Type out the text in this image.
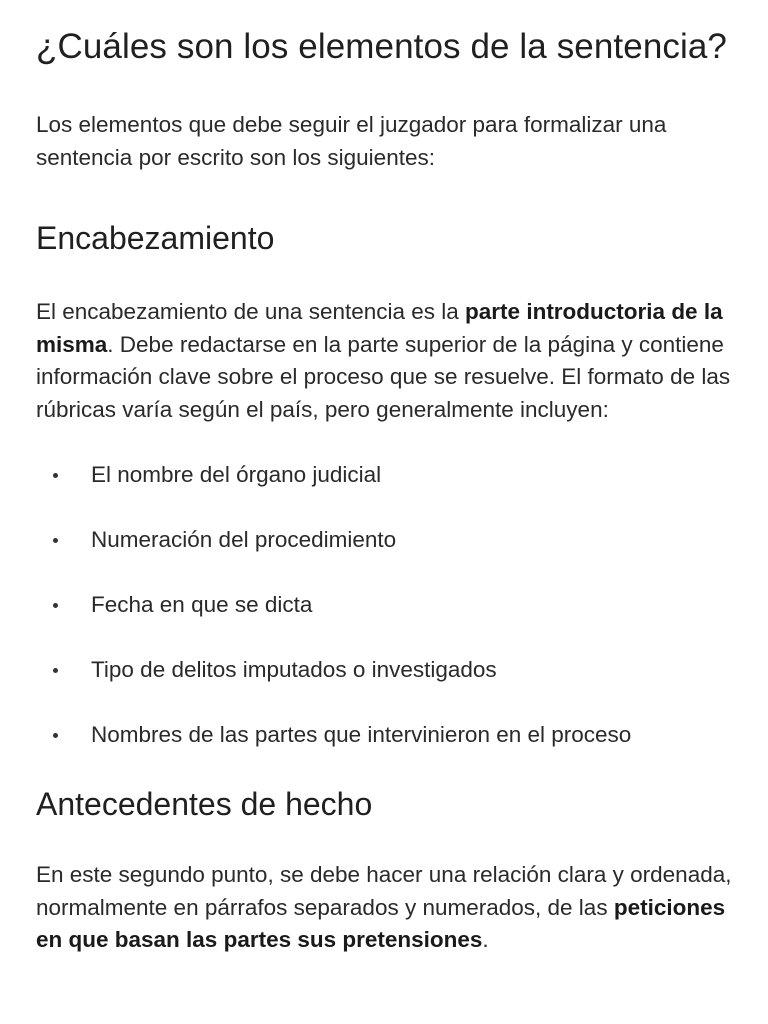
¿Cuáles son los elementos de la sentencia?

Los elementos que debe seguir el juzgador para formalizar una sentencia por escrito son los siguientes:

Encabezamiento

El encabezamiento de una sentencia es la parte introductoria de la misma. Debe redactarse en la parte superior de la página y contiene información clave sobre el proceso que se resuelve. El formato de las rúbricas varía según el país, pero generalmente incluyen:

El nombre del órgano judicial
Numeración del procedimiento
Fecha en que se dicta
Tipo de delitos imputados o investigados
Nombres de las partes que intervinieron en el proceso
Antecedentes de hecho

En este segundo punto, se debe hacer una relación clara y ordenada, normalmente en párrafos separados y numerados, de las peticiones en que basan las partes sus pretensiones.
